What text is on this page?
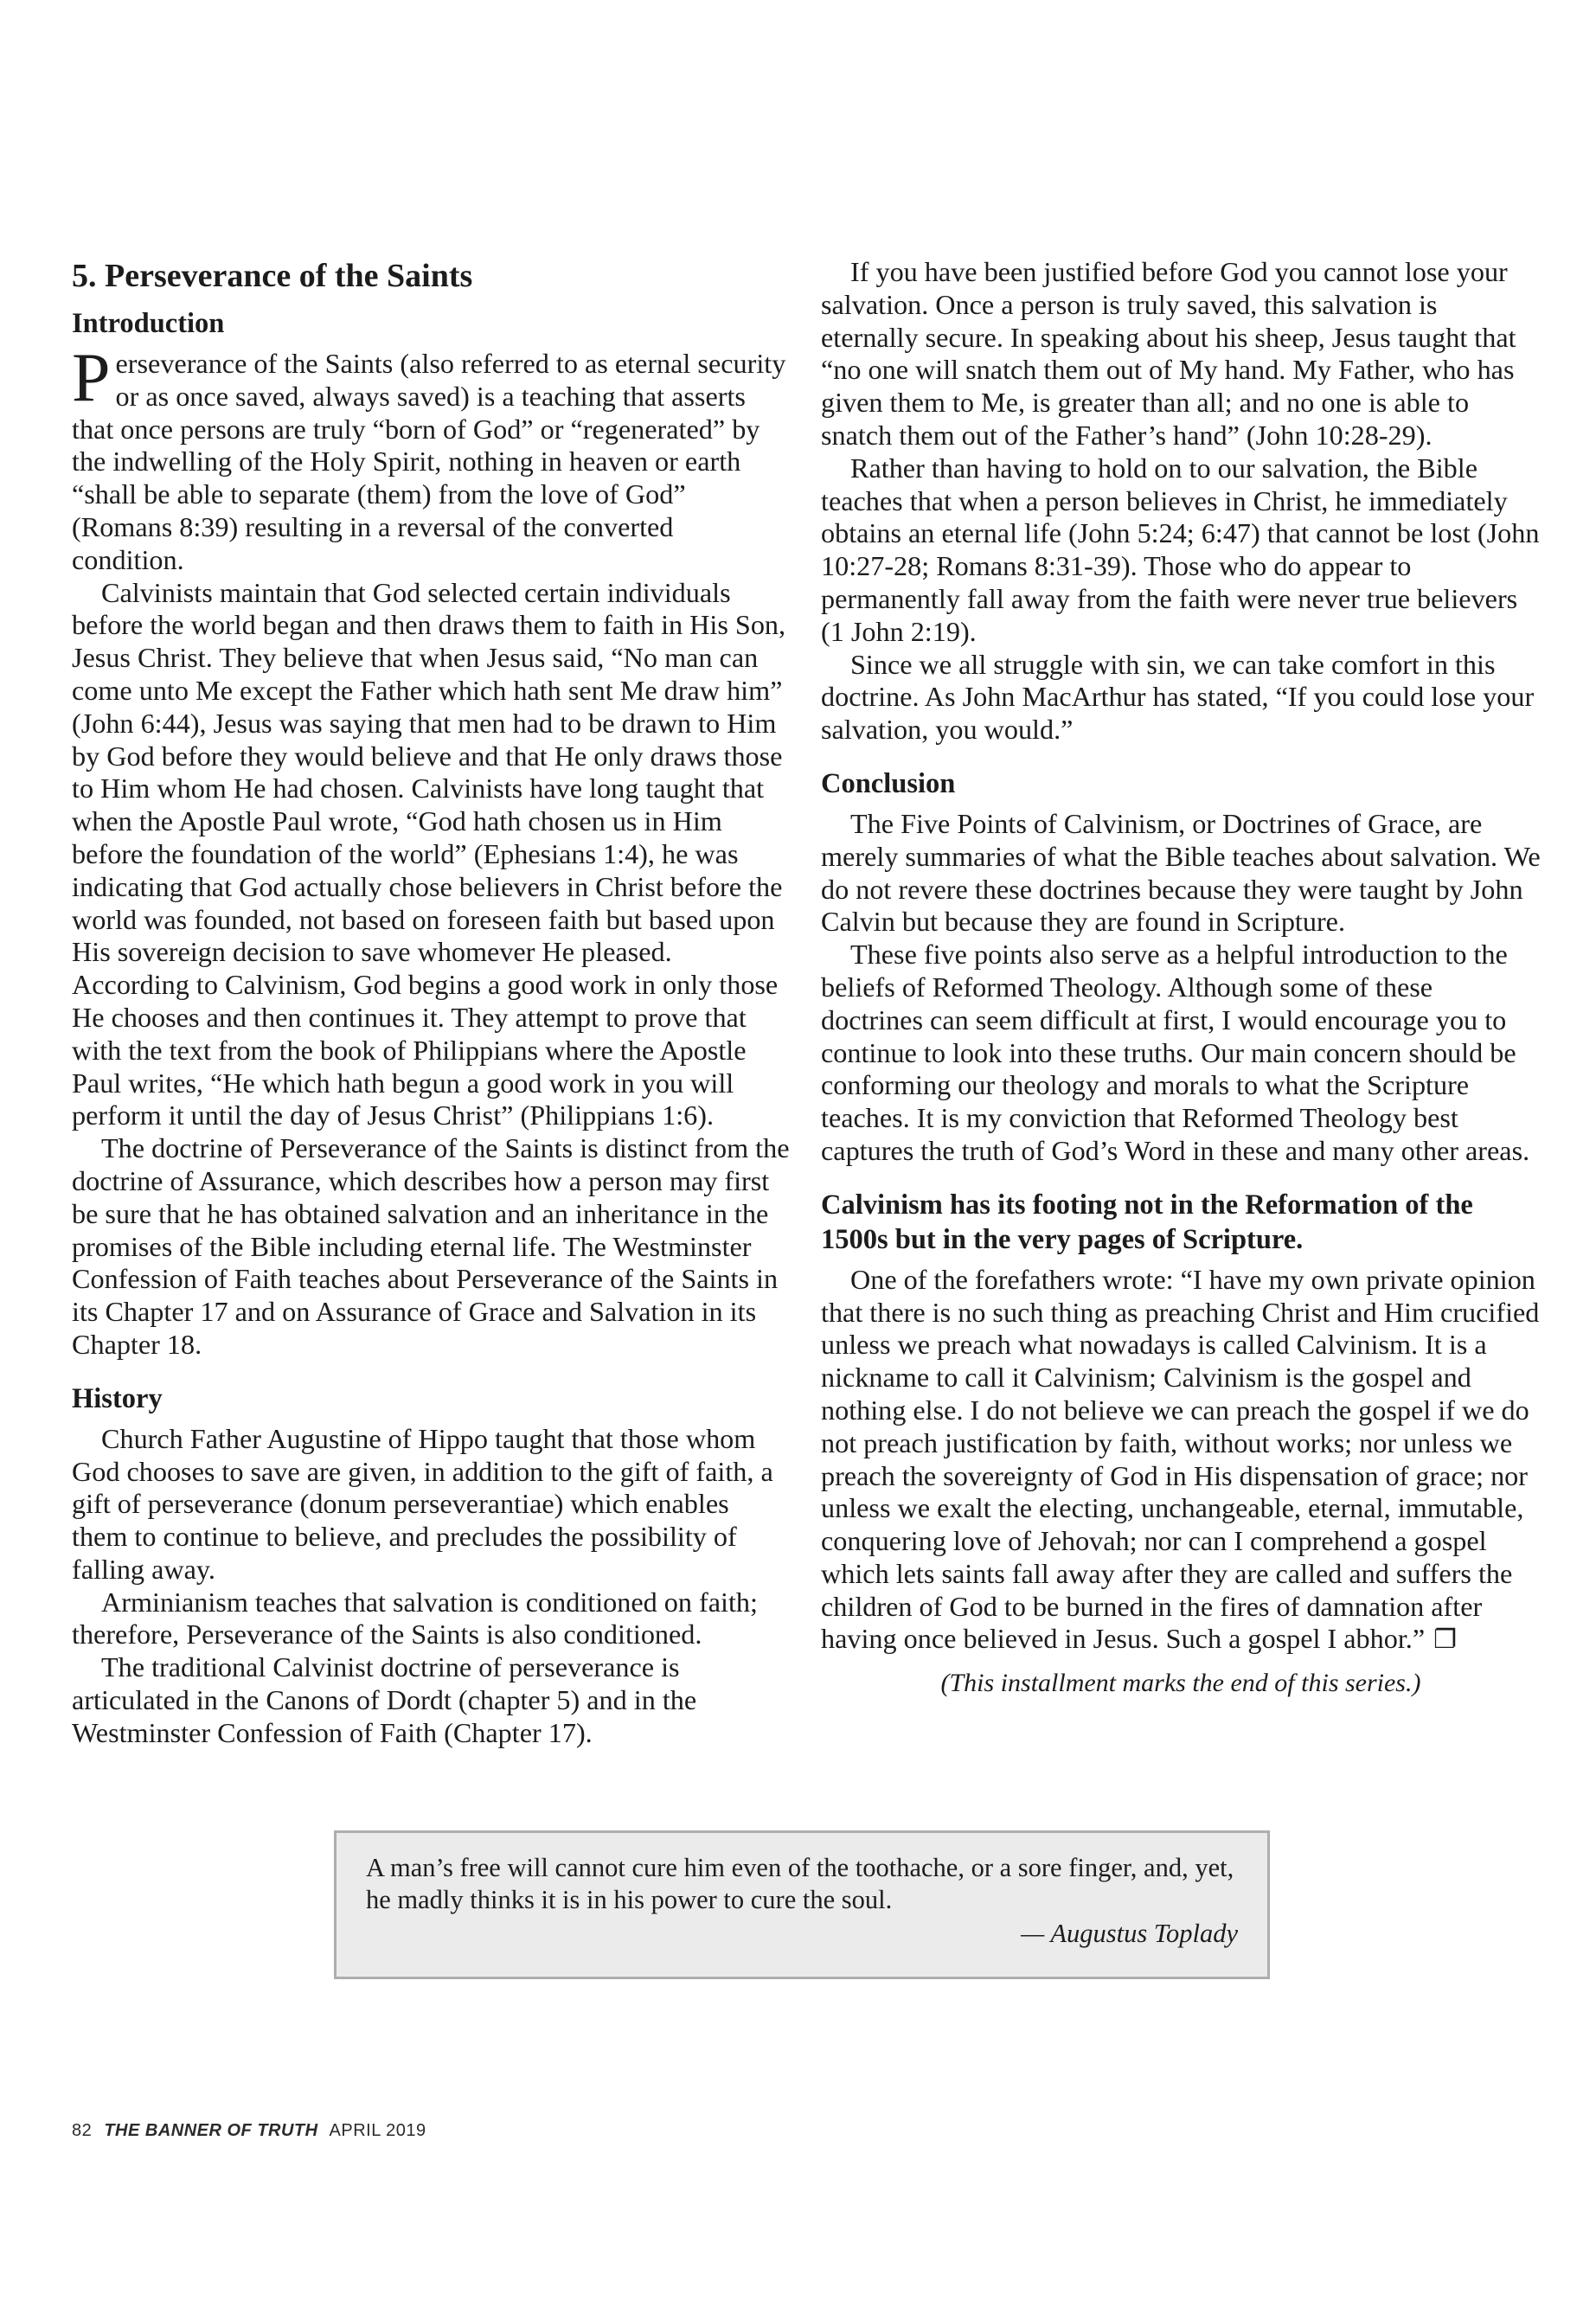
5. Perseverance of the Saints
Introduction

Perseverance of the Saints (also referred to as eternal security or as once saved, always saved) is a teaching that asserts that once persons are truly “born of God” or “regenerated” by the indwelling of the Holy Spirit, nothing in heaven or earth “shall be able to separate (them) from the love of God” (Romans 8:39) resulting in a reversal of the converted condition.

Calvinists maintain that God selected certain individuals before the world began and then draws them to faith in His Son, Jesus Christ. They believe that when Jesus said, “No man can come unto Me except the Father which hath sent Me draw him” (John 6:44), Jesus was saying that men had to be drawn to Him by God before they would believe and that He only draws those to Him whom He had chosen. Calvinists have long taught that when the Apostle Paul wrote, “God hath chosen us in Him before the foundation of the world” (Ephesians 1:4), he was indicating that God actually chose believers in Christ before the world was founded, not based on foreseen faith but based upon His sovereign decision to save whomever He pleased. According to Calvinism, God begins a good work in only those He chooses and then continues it. They attempt to prove that with the text from the book of Philippians where the Apostle Paul writes, “He which hath begun a good work in you will perform it until the day of Jesus Christ” (Philippians 1:6).

The doctrine of Perseverance of the Saints is distinct from the doctrine of Assurance, which describes how a person may first be sure that he has obtained salvation and an inheritance in the promises of the Bible including eternal life. The Westminster Confession of Faith teaches about Perseverance of the Saints in its Chapter 17 and on Assurance of Grace and Salvation in its Chapter 18.

History

Church Father Augustine of Hippo taught that those whom God chooses to save are given, in addition to the gift of faith, a gift of perseverance (donum perseverantiae) which enables them to continue to believe, and precludes the possibility of falling away.

Arminianism teaches that salvation is conditioned on faith; therefore, Perseverance of the Saints is also conditioned.

The traditional Calvinist doctrine of perseverance is articulated in the Canons of Dordt (chapter 5) and in the Westminster Confession of Faith (Chapter 17).

If you have been justified before God you cannot lose your salvation. Once a person is truly saved, this salvation is eternally secure. In speaking about his sheep, Jesus taught that “no one will snatch them out of My hand. My Father, who has given them to Me, is greater than all; and no one is able to snatch them out of the Father’s hand” (John 10:28-29).

Rather than having to hold on to our salvation, the Bible teaches that when a person believes in Christ, he immediately obtains an eternal life (John 5:24; 6:47) that cannot be lost (John 10:27-28; Romans 8:31-39). Those who do appear to permanently fall away from the faith were never true believers (1 John 2:19).

Since we all struggle with sin, we can take comfort in this doctrine. As John MacArthur has stated, “If you could lose your salvation, you would.”

Conclusion

The Five Points of Calvinism, or Doctrines of Grace, are merely summaries of what the Bible teaches about salvation. We do not revere these doctrines because they were taught by John Calvin but because they are found in Scripture.

These five points also serve as a helpful introduction to the beliefs of Reformed Theology. Although some of these doctrines can seem difficult at first, I would encourage you to continue to look into these truths. Our main concern should be conforming our theology and morals to what the Scripture teaches. It is my conviction that Reformed Theology best captures the truth of God’s Word in these and many other areas.

Calvinism has its footing not in the Reformation of the 1500s but in the very pages of Scripture.

One of the forefathers wrote: “I have my own private opinion that there is no such thing as preaching Christ and Him crucified unless we preach what nowadays is called Calvinism. It is a nickname to call it Calvinism; Calvinism is the gospel and nothing else. I do not believe we can preach the gospel if we do not preach justification by faith, without works; nor unless we preach the sovereignty of God in His dispensation of grace; nor unless we exalt the electing, unchangeable, eternal, immutable, conquering love of Jehovah; nor can I comprehend a gospel which lets saints fall away after they are called and suffers the children of God to be burned in the fires of damnation after having once believed in Jesus. Such a gospel I abhor.” ❐

(This installment marks the end of this series.)
A man’s free will cannot cure him even of the toothache, or a sore finger, and, yet, he madly thinks it is in his power to cure the soul.
— Augustus Toplady
82 THE BANNER OF TRUTH APRIL 2019
